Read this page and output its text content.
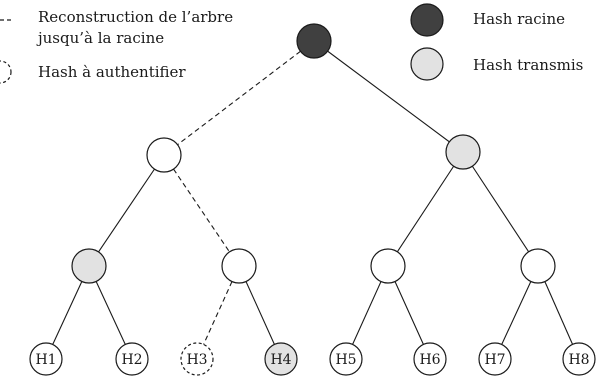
Reconstruction de l’arbre
jusqu’à la racine
Hash à authentifier
Hash racine
Hash transmis
H1	H2	H3	H4	H5	H6	H7	H8
